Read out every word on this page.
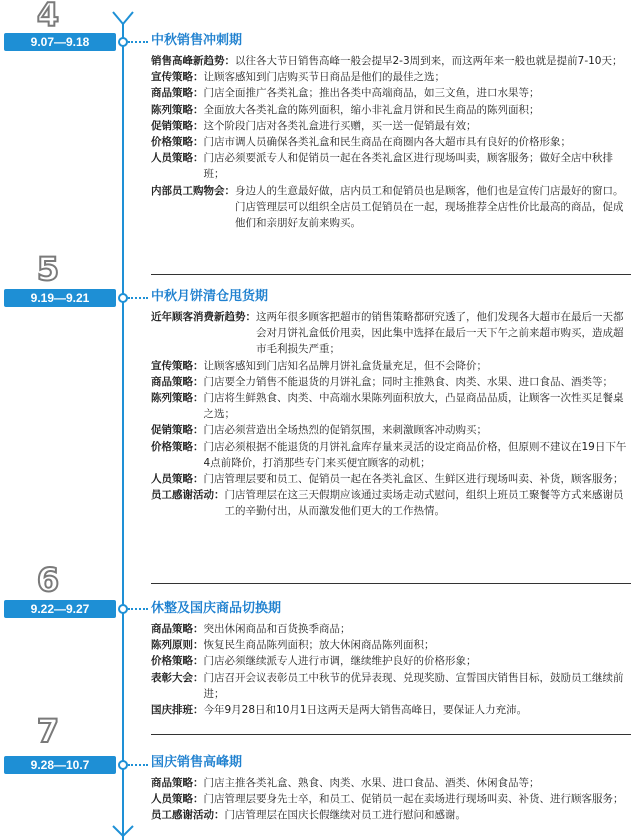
4
9.07—9.18	中秋销售冲刺期
销售高峰新趋势： 以往各大节日销售高峰一般会提早2-3周到来，而这两年来一般也就是提前7-10天；
宣传策略： 让顾客感知到门店购买节日商品是他们的最佳之选；
商品策略： 门店全面推广各类礼盒；推出各类中高端商品，如三文鱼，进口水果等；
陈列策略： 全面放大各类礼盒的陈列面积，缩小非礼盒月饼和民生商品的陈列面积；
促销策略： 这个阶段门店对各类礼盒进行买赠，买一送一促销最有效；
价格策略： 门店市调人员确保各类礼盒和民生商品在商圈内各大超市具有良好的价格形象；
人员策略： 门店必须要派专人和促销员一起在各类礼盒区进行现场叫卖，顾客服务；做好全店中秋排班；
内部员工购物会： 身边人的生意最好做，店内员工和促销员也是顾客，他们也是宣传门店最好的窗口。门店管理层可以组织全店员工促销员在一起，现场推荐全店性价比最高的商品，促成他们和亲朋好友前来购买。
5
9.19—9.21	中秋月饼清仓甩货期
近年顾客消费新趋势： 这两年很多顾客把超市的销售策略都研究透了，他们发现各大超市在最后一天都会对月饼礼盒低价甩卖，因此集中选择在最后一天下午之前来超市购买，造成超市毛利损失严重；
宣传策略： 让顾客感知到门店知名品牌月饼礼盒货量充足，但不会降价；
商品策略： 门店要全力销售不能退货的月饼礼盒；同时主推熟食、肉类、水果、进口食品、酒类等；
陈列策略： 门店将生鲜熟食、肉类、中高端水果陈列面积放大，凸显商品品质，让顾客一次性买足餐桌之选；
促销策略： 门店必须营造出全场热烈的促销氛围，来刺激顾客冲动购买；
价格策略： 门店必须根据不能退货的月饼礼盒库存量来灵活的设定商品价格，但原则不建议在19日下午4点前降价，打消那些专门来买便宜顾客的动机；
人员策略： 门店管理层要和员工、促销员一起在各类礼盒区、生鲜区进行现场叫卖、补货，顾客服务；
员工感谢活动： 门店管理层在这三天假期应该通过卖场走动式慰问，组织上班员工聚餐等方式来感谢员工的辛勤付出，从而激发他们更大的工作热情。
6
9.22—9.27	休整及国庆商品切换期
商品策略： 突出休闲商品和百货换季商品；
陈列原则： 恢复民生商品陈列面积；放大休闲商品陈列面积；
价格策略： 门店必须继续派专人进行市调，继续维护良好的价格形象；
表彰大会： 门店召开会议表彰员工中秋节的优异表现、兑现奖励、宣誓国庆销售目标，鼓励员工继续前进；
国庆排班： 今年9月28日和10月1日这两天是两大销售高峰日，要保证人力充沛。
7
9.28—10.7	国庆销售高峰期
商品策略： 门店主推各类礼盒、熟食、肉类、水果、进口食品、酒类、休闲食品等；
人员策略： 门店管理层要身先士卒，和员工、促销员一起在卖场进行现场叫卖、补货、进行顾客服务；
员工感谢活动： 门店管理层在国庆长假继续对员工进行慰问和感谢。
